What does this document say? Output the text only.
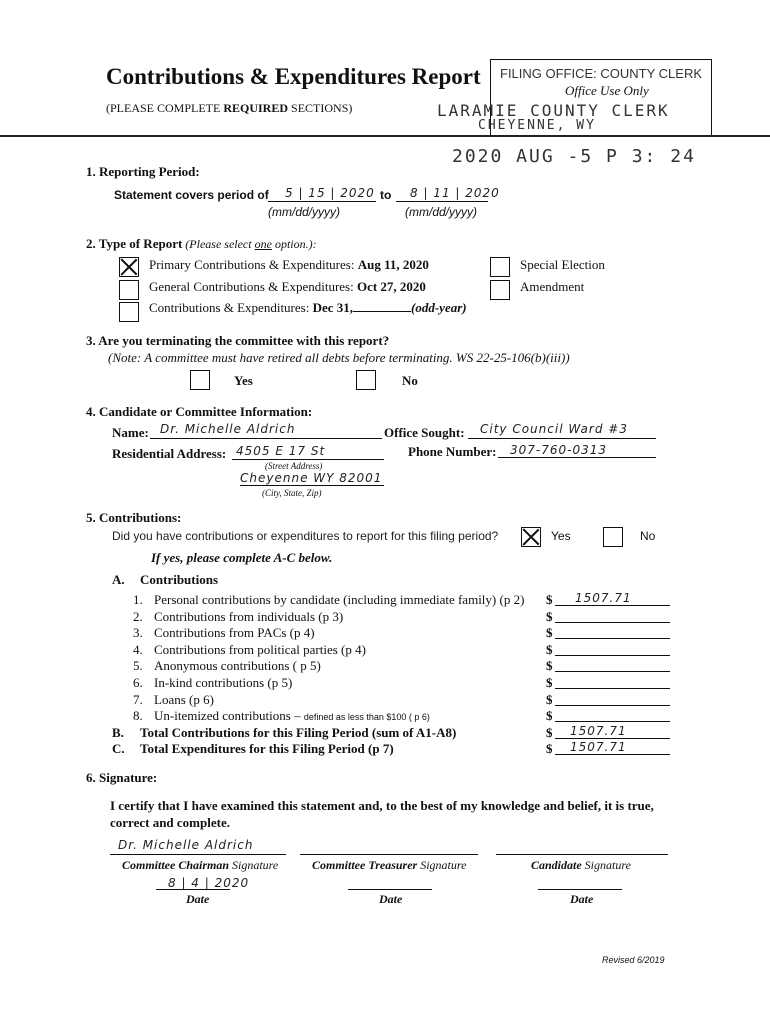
Contributions & Expenditures Report
(PLEASE COMPLETE REQUIRED SECTIONS)
FILING OFFICE: COUNTY CLERK
Office Use Only
LARAMIE COUNTY CLERK
CHEYENNE, WY
2020 AUG -5 P 3: 24
1. Reporting Period:
Statement covers period of 5 | 15 | 2020 to 8 | 11 | 2020
(mm/dd/yyyy)	(mm/dd/yyyy)
2. Type of Report (Please select one option.):
Primary Contributions & Expenditures: Aug 11, 2020
General Contributions & Expenditures: Oct 27, 2020
Contributions & Expenditures: Dec 31,	(odd-year)
Special Election
Amendment
3. Are you terminating the committee with this report?
(Note: A committee must have retired all debts before terminating. WS 22-25-106(b)(iii))
Yes	No
4. Candidate or Committee Information:
Name: Dr. Michelle Aldrich	Office Sought: City Council Ward #3
Residential Address: 4505 E 17 St
(Street Address)
Cheyenne WY 82001
(City, State, Zip)
Phone Number: 307-760-0313
5. Contributions:
Did you have contributions or expenditures to report for this filing period?	Yes	No
If yes, please complete A-C below.
A. Contributions
1. Personal contributions by candidate (including immediate family) (p 2) $ 1507.71
2. Contributions from individuals (p 3)	$
3. Contributions from PACs (p 4)	$
4. Contributions from political parties (p 4)	$
5. Anonymous contributions ( p 5)	$
6. In-kind contributions (p 5)	$
7. Loans (p 6)	$
8. Un-itemized contributions – defined as less than $100 ( p 6)	$
B. Total Contributions for this Filing Period (sum of A1-A8)	$ 1507.71
C. Total Expenditures for this Filing Period (p 7)	$ 1507.71
6. Signature:
I certify that I have examined this statement and, to the best of my knowledge and belief, it is true, correct and complete.
Dr. Michelle Aldrich
Committee Chairman Signature	Committee Treasurer Signature	Candidate Signature
8 | 4 | 2020
Date	Date	Date
Revised 6/2019
